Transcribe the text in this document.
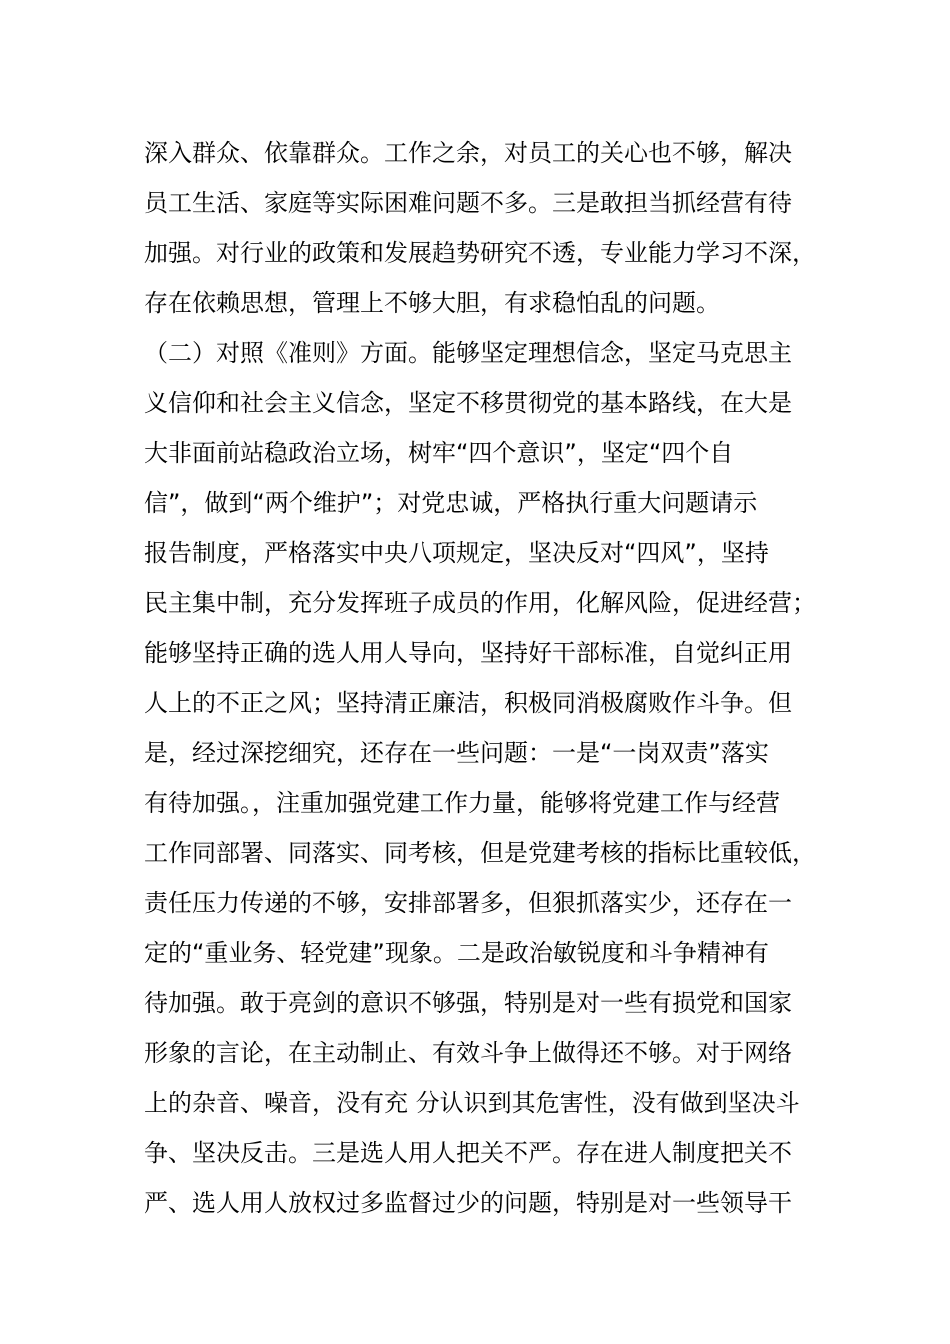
深入群众、依靠群众。工作之余，对员工的关心也不够，解决
员工生活、家庭等实际困难问题不多。三是敢担当抓经营有待
加强。对行业的政策和发展趋势研究不透，专业能力学习不深，
存在依赖思想，管理上不够大胆，有求稳怕乱的问题。
（二）对照《准则》方面。能够坚定理想信念，坚定马克思主
义信仰和社会主义信念，坚定不移贯彻党的基本路线，在大是
大非面前站稳政治立场，树牢“四个意识”，坚定“四个自
信”，做到“两个维护”；对党忠诚，严格执行重大问题请示
报告制度，严格落实中央八项规定，坚决反对“四风”，坚持
民主集中制，充分发挥班子成员的作用，化解风险，促进经营；
能够坚持正确的选人用人导向，坚持好干部标准，自觉纠正用
人上的不正之风；坚持清正廉洁，积极同消极腐败作斗争。但
是，经过深挖细究，还存在一些问题：一是“一岗双责”落实
有待加强。，注重加强党建工作力量，能够将党建工作与经营
工作同部署、同落实、同考核，但是党建考核的指标比重较低，
责任压力传递的不够，安排部署多，但狠抓落实少，还存在一
定的“重业务、轻党建”现象。二是政治敏锐度和斗争精神有
待加强。敢于亮剑的意识不够强，特别是对一些有损党和国家
形象的言论，在主动制止、有效斗争上做得还不够。对于网络
上的杂音、噪音，没有充 分认识到其危害性，没有做到坚决斗
争、坚决反击。三是选人用人把关不严。存在进人制度把关不
严、选人用人放权过多监督过少的问题，特别是对一些领导干
